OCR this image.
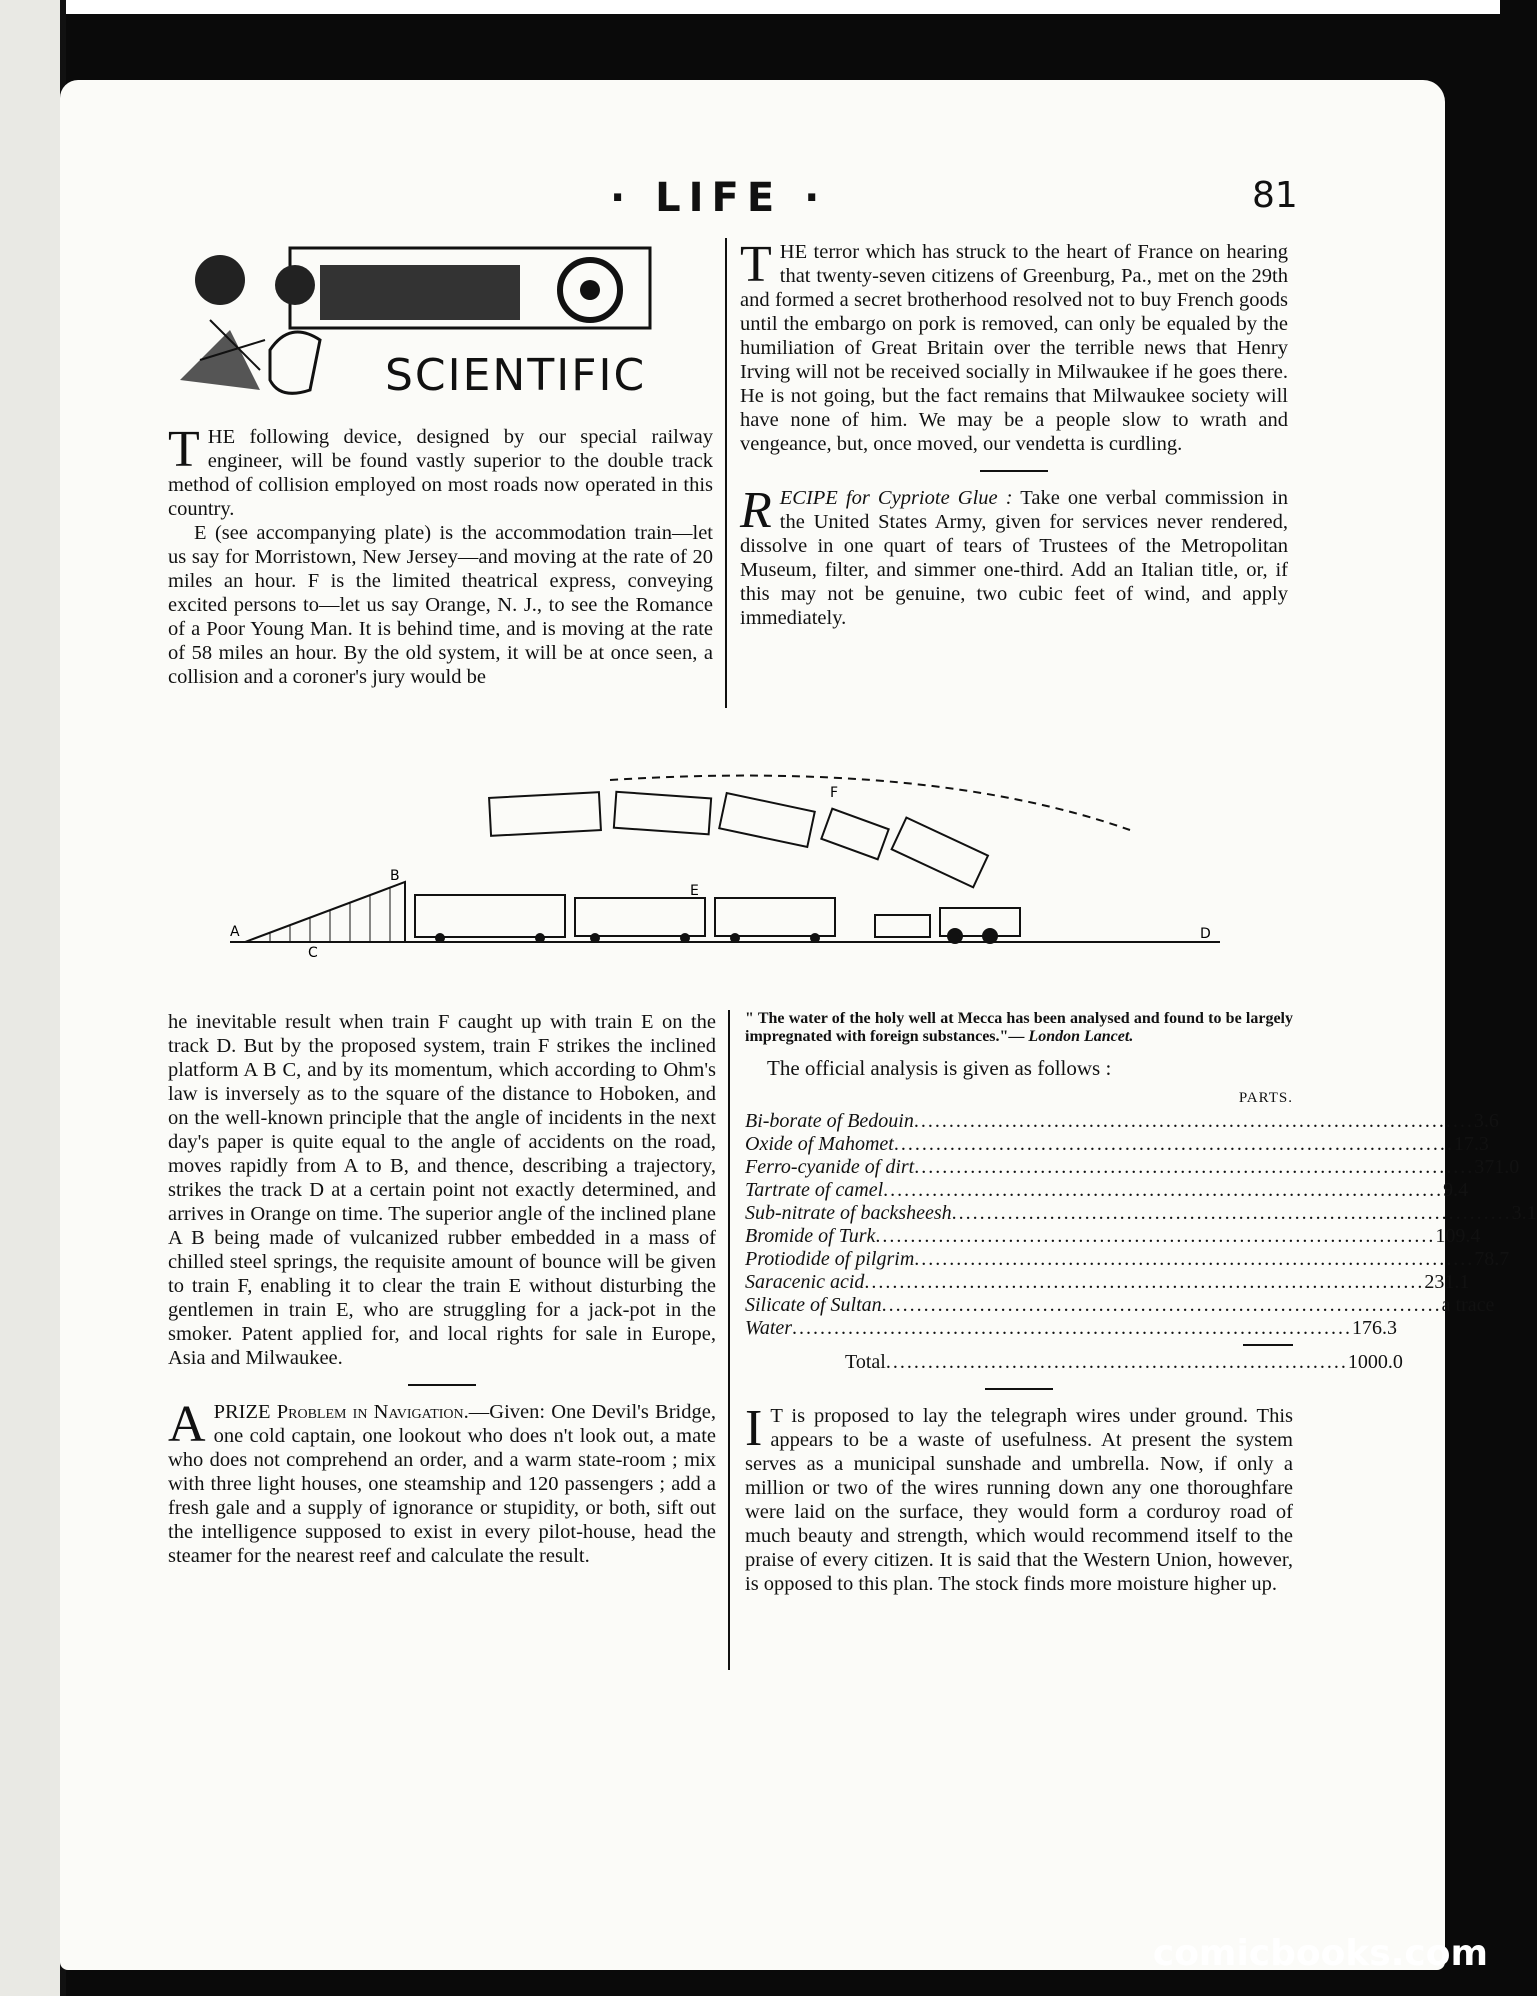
· LIFE ·	81
SCIENTIFIC

THE following device, designed by our special railway engineer, will be found vastly superior to the double track method of collision employed on most roads now operated in this country.

E (see accompanying plate) is the accommodation train—let us say for Morristown, New Jersey—and moving at the rate of 20 miles an hour. F is the limited theatrical express, conveying excited persons to—let us say Orange, N. J., to see the Romance of a Poor Young Man. It is behind time, and is moving at the rate of 58 miles an hour. By the old system, it will be at once seen, a collision and a coroner's jury would be

THE terror which has struck to the heart of France on hearing that twenty-seven citizens of Greenburg, Pa., met on the 29th and formed a secret brotherhood resolved not to buy French goods until the embargo on pork is removed, can only be equaled by the humiliation of Great Britain over the terrible news that Henry Irving will not be received socially in Milwaukee if he goes there. He is not going, but the fact remains that Milwaukee society will have none of him. We may be a people slow to wrath and vengeance, but, once moved, our vendetta is curdling.

RECIPE for Cypriote Glue : Take one verbal commission in the United States Army, given for services never rendered, dissolve in one quart of tears of Trustees of the Metropolitan Museum, filter, and simmer one-third. Add an Italian title, or, if this may not be genuine, two cubic feet of wind, and apply immediately.

A
C
B
E
F
D

he inevitable result when train F caught up with train E on the track D. But by the proposed system, train F strikes the inclined platform A B C, and by its momentum, which according to Ohm's law is inversely as to the square of the distance to Hoboken, and on the well-known principle that the angle of incidents in the next day's paper is quite equal to the angle of accidents on the road, moves rapidly from A to B, and thence, describing a trajectory, strikes the track D at a certain point not exactly determined, and arrives in Orange on time. The superior angle of the inclined plane A B being made of vulcanized rubber embedded in a mass of chilled steel springs, the requisite amount of bounce will be given to train F, enabling it to clear the train E without disturbing the gentlemen in train E, who are struggling for a jack-pot in the smoker. Patent applied for, and local rights for sale in Europe, Asia and Milwaukee.

APRIZE Problem in Navigation.—Given: One Devil's Bridge, one cold captain, one lookout who does n't look out, a mate who does not comprehend an order, and a warm state-room ; mix with three light houses, one steamship and 120 passengers ; add a fresh gale and a supply of ignorance or stupidity, or both, sift out the intelligence supposed to exist in every pilot-house, head the steamer for the nearest reef and calculate the result.

" The water of the holy well at Mecca has been analysed and found to be largely impregnated with foreign substances."— London Lancet.
The official analysis is given as follows :
PARTS.
Bi-borate of Bedouin .....	3.6
Oxide of Mahomet .....	17.3
Ferro-cyanide of dirt .....	371.0
Tartrate of camel .....	9.4
Sub-nitrate of backsheesh .....	3.1
Bromide of Turk .....	109.4
Protiodide of pilgrim .....	78.7
Saracenic acid .....	231.1
Silicate of Sultan .....	a trace
Water .....	176.3
Total .................................................................. 1000.0

I T is proposed to lay the telegraph wires under ground. This appears to be a waste of usefulness. At present the system serves as a municipal sunshade and umbrella. Now, if only a million or two of the wires running down any one thoroughfare were laid on the surface, they would form a corduroy road of much beauty and strength, which would recommend itself to the praise of every citizen. It is said that the Western Union, however, is opposed to this plan. The stock finds more moisture higher up.

comicbooks.com
